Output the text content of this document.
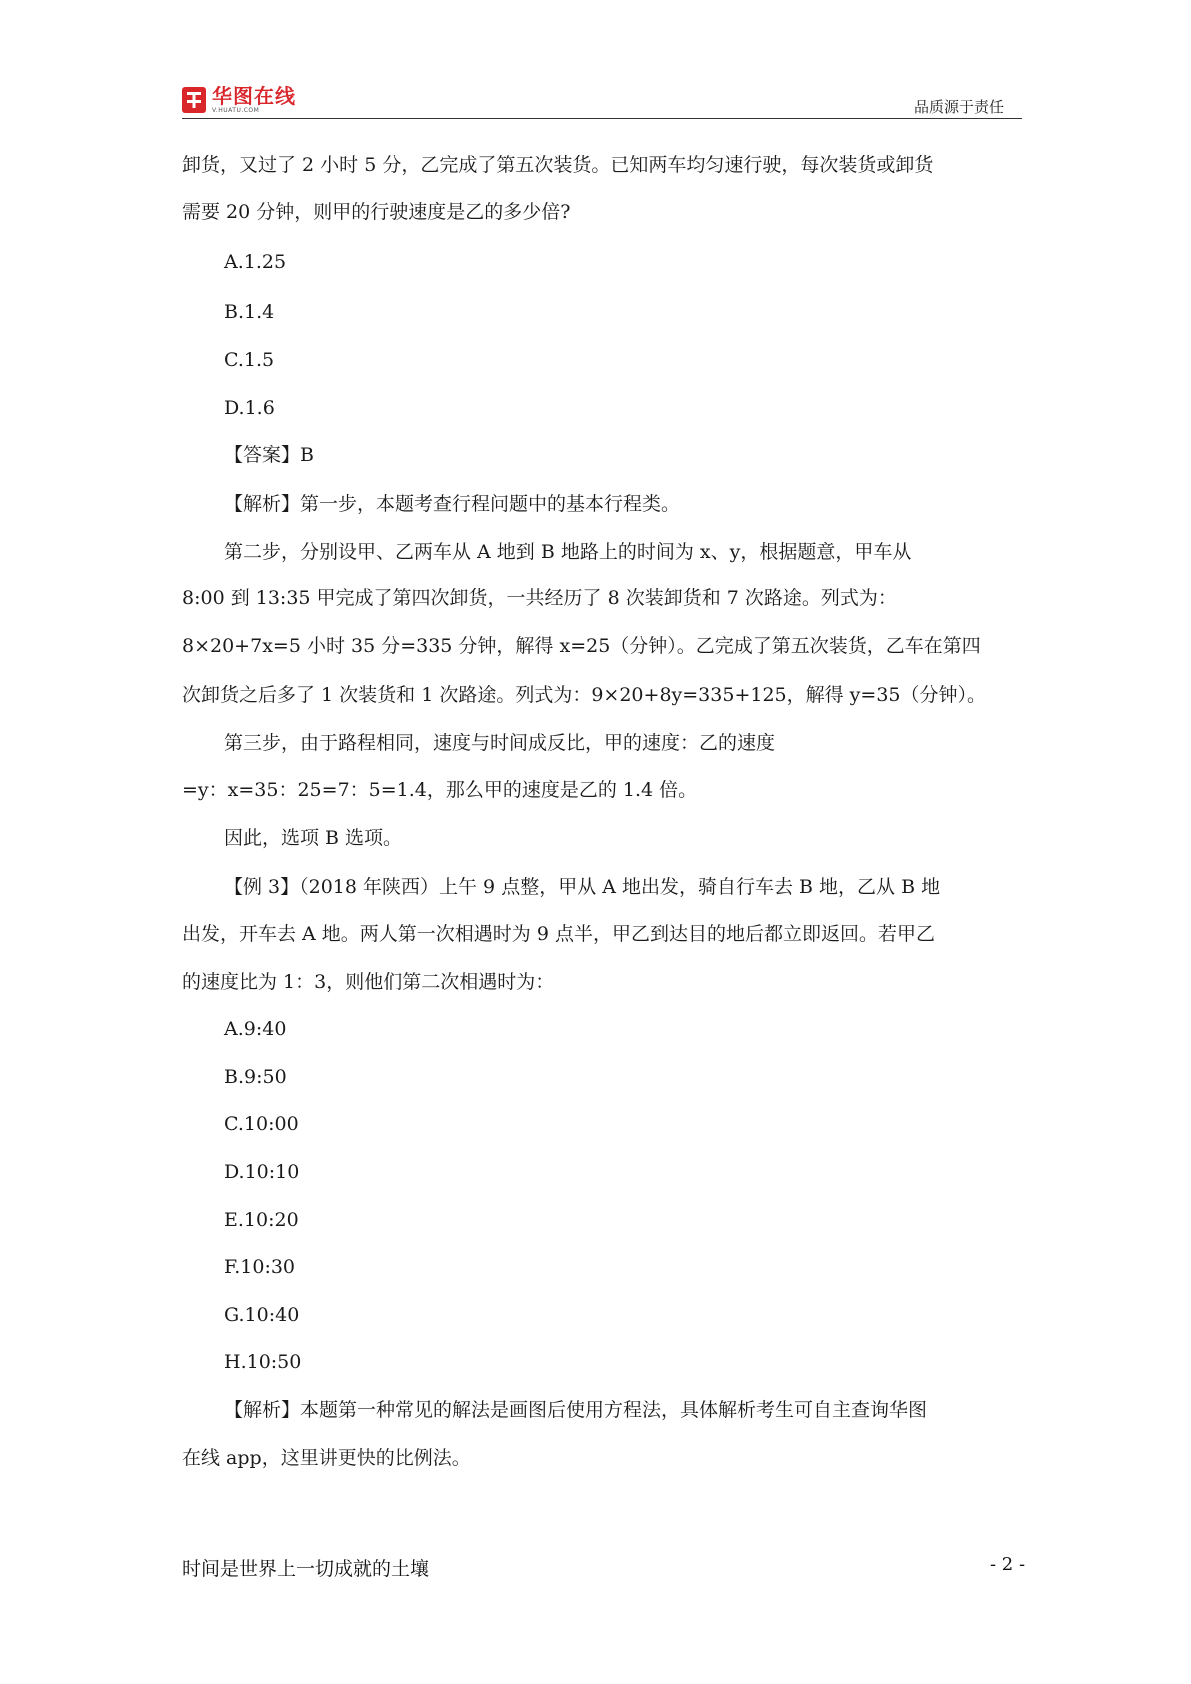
华图在线
V.HUATU.COM	品质源于责任
卸货，又过了 2 小时 5 分，乙完成了第五次装货。已知两车均匀速行驶，每次装货或卸货
需要 20 分钟，则甲的行驶速度是乙的多少倍?
A.1.25
B.1.4
C.1.5
D.1.6
【答案】B
【解析】第一步，本题考查行程问题中的基本行程类。
第二步，分别设甲、乙两车从 A 地到 B 地路上的时间为 x、y，根据题意，甲车从
8:00 到 13:35 甲完成了第四次卸货，一共经历了 8 次装卸货和 7 次路途。列式为：
8×20+7x=5 小时 35 分=335 分钟，解得 x=25（分钟）。乙完成了第五次装货，乙车在第四
次卸货之后多了 1 次装货和 1 次路途。列式为：9×20+8y=335+125，解得 y=35（分钟）。
第三步，由于路程相同，速度与时间成反比，甲的速度：乙的速度
=y：x=35：25=7：5=1.4，那么甲的速度是乙的 1.4 倍。
因此，选项 B 选项。
【例 3】（2018 年陕西）上午 9 点整，甲从 A 地出发，骑自行车去 B 地，乙从 B 地
出发，开车去 A 地。两人第一次相遇时为 9 点半，甲乙到达目的地后都立即返回。若甲乙
的速度比为 1：3，则他们第二次相遇时为：
A.9:40
B.9:50
C.10:00
D.10:10
E.10:20
F.10:30
G.10:40
H.10:50
【解析】本题第一种常见的解法是画图后使用方程法，具体解析考生可自主查询华图
在线 app，这里讲更快的比例法。
时间是世界上一切成就的土壤	- 2 -
